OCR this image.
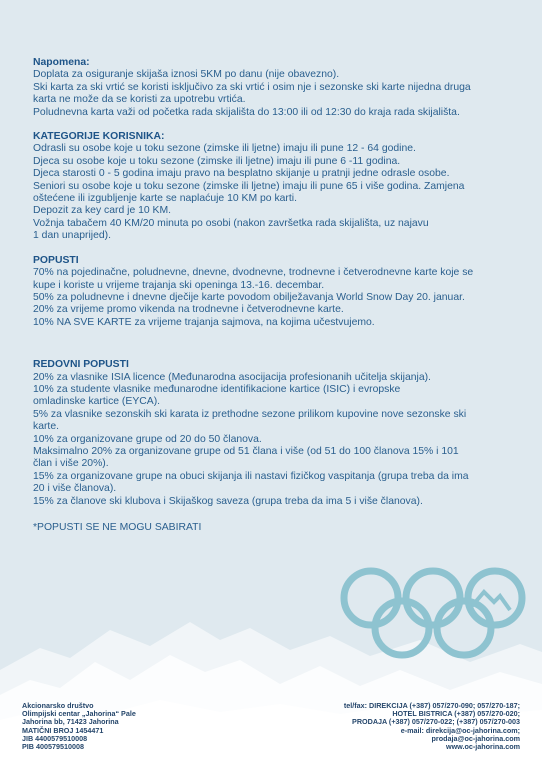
Napomena:
Doplata za osiguranje skijaša iznosi 5KM po danu (nije obavezno).
Ski karta za ski vrtić se koristi isključivo za ski vrtić i osim nje i sezonske ski karte nijedna druga
karta ne može da se koristi za upotrebu vrtića.
Poludnevna karta važi od početka rada skijališta do 13:00 ili od 12:30 do kraja rada skijališta.
KATEGORIJE KORISNIKA:
Odrasli su osobe koje u toku sezone (zimske ili ljetne) imaju ili pune 12 - 64 godine.
Djeca su osobe koje u toku sezone (zimske ili ljetne) imaju ili pune 6 -11 godina.
Djeca starosti 0 - 5 godina imaju pravo na besplatno skijanje u pratnji jedne odrasle osobe.
Seniori su osobe koje u toku sezone (zimske ili ljetne) imaju ili pune 65 i više godina. Zamjena
oštećene ili izgubljenje karte se naplaćuje 10 KM po karti.
Depozit za key card je 10 KM.
Vožnja tabačem 40 KM/20 minuta po osobi (nakon završetka rada skijališta, uz najavu
1 dan unaprijed).
POPUSTI
70% na pojedinačne, poludnevne, dnevne, dvodnevne, trodnevne i četverodnevne karte koje se
kupe i koriste u vrijeme trajanja ski openinga 13.-16. decembar.
50% za poludnevne i dnevne dječije karte povodom obilježavanja World Snow Day 20. januar.
20% za vrijeme promo vikenda na trodnevne i četverodnevne karte.
10% NA SVE KARTE za vrijeme trajanja sajmova, na kojima učestvujemo.
REDOVNI POPUSTI
20% za vlasnike ISIA licence (Međunarodna asocijacija profesionanih učitelja skijanja).
10% za studente vlasnike međunarodne identifikacione kartice (ISIC) i evropske
omladinske kartice (EYCA).
5% za vlasnike sezonskih ski karata iz prethodne sezone prilikom kupovine nove sezonske ski
karte.
10% za organizovane grupe od 20 do 50 članova.
Maksimalno 20% za organizovane grupe od 51 člana i više (od 51 do 100 članova 15% i 101
član i više 20%).
15% za organizovane grupe na obuci skijanja ili nastavi fizičkog vaspitanja (grupa treba da ima
20 i više članova).
15% za članove ski klubova i Skijaškog saveza (grupa treba da ima 5 i više članova).
*POPUSTI SE NE MOGU SABIRATI
Akcionarsko društvo
Olimpijski centar „Jahorina“ Pale
Jahorina bb, 71423 Jahorina
MATIČNI BROJ 1454471
JIB 4400579510008
PIB 400579510008
tel/fax: DIREKCIJA (+387) 057/270-090; 057/270-187;
HOTEL BISTRICA (+387) 057/270-020;
PRODAJA (+387) 057/270-022; (+387) 057/270-003
e-mail: direkcija@oc-jahorina.com;
prodaja@oc-jahorina.com
www.oc-jahorina.com
